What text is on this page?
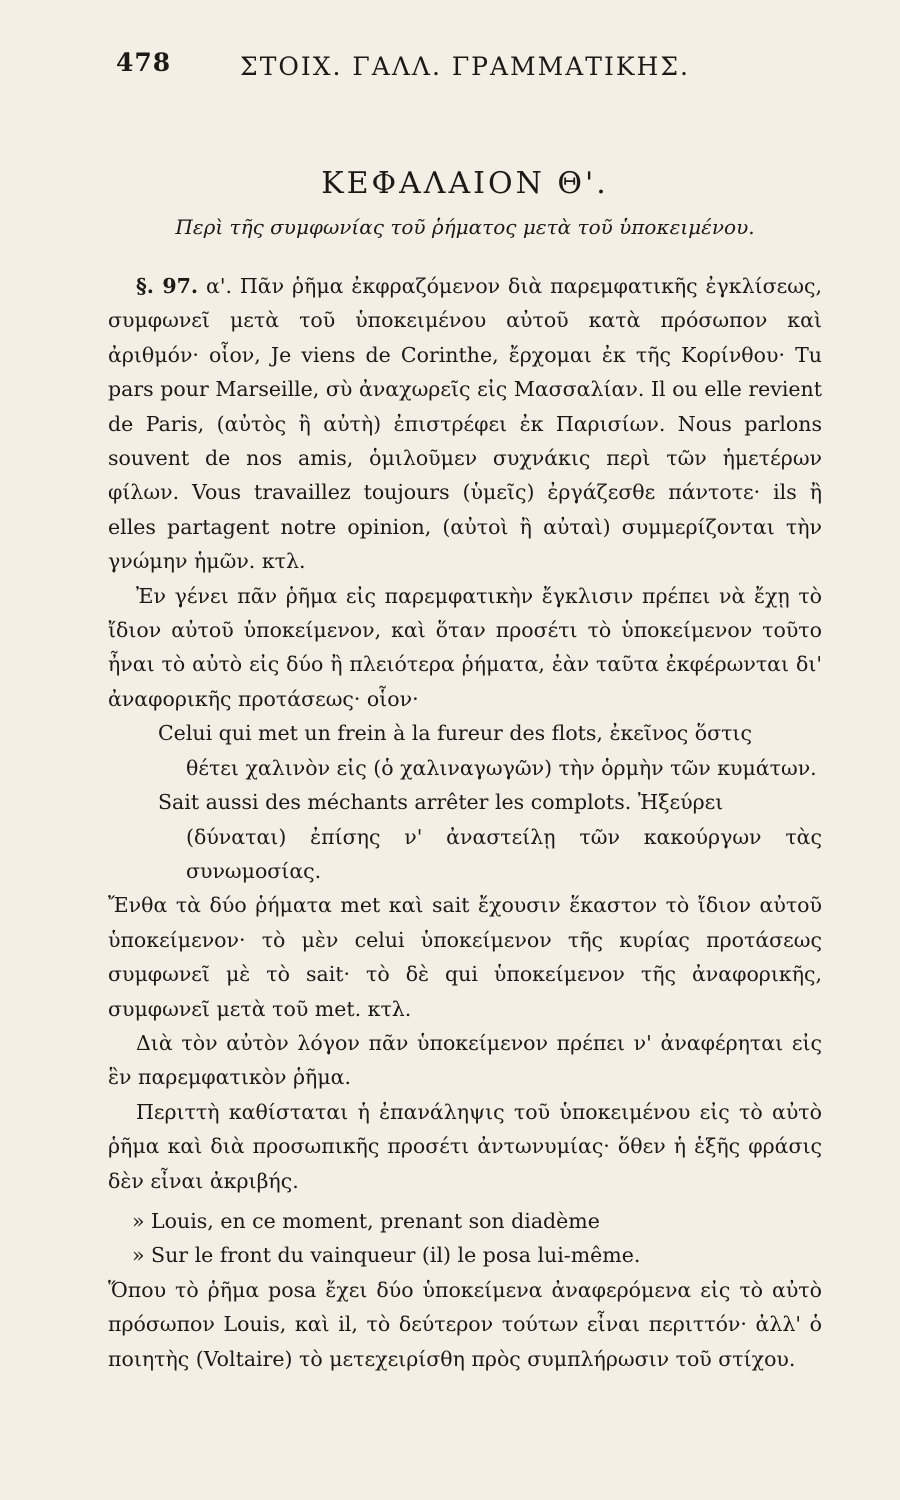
478	ΣΤΟΙΧ. ΓΑΛΛ. ΓΡΑΜΜΑΤΙΚΗΣ.
ΚΕΦΑΛΑΙΟΝ Θ'.
Περὶ τῆς συμφωνίας τοῦ ῥήματος μετὰ τοῦ ὑποκειμένου.

§. 97. α'. Πᾶν ῥῆμα ἐκφραζόμενον διὰ παρεμφατικῆς ἐγκλίσεως, συμφωνεῖ μετὰ τοῦ ὑποκειμένου αὐτοῦ κατὰ πρόσωπον καὶ ἀριθμόν· οἷον, Je viens de Corinthe, ἔρχομαι ἐκ τῆς Κορίνθου· Tu pars pour Marseille, σὺ ἀναχωρεῖς εἰς Μασσαλίαν. Il ou elle revient de Paris, (αὐτὸς ἢ αὐτὴ) ἐπιστρέφει ἐκ Παρισίων. Nous parlons souvent de nos amis, ὁμιλοῦμεν συχνάκις περὶ τῶν ἡμετέρων φίλων. Vous travaillez toujours (ὑμεῖς) ἐργάζεσθε πάντοτε· ils ἢ elles partagent notre opinion, (αὐτοὶ ἢ αὐταὶ) συμμερίζονται τὴν γνώμην ἡμῶν. κτλ.

Ἐν γένει πᾶν ῥῆμα εἰς παρεμφατικὴν ἔγκλισιν πρέπει νὰ ἔχῃ τὸ ἴδιον αὐτοῦ ὑποκείμενον, καὶ ὅταν προσέτι τὸ ὑποκείμενον τοῦτο ἦναι τὸ αὐτὸ εἰς δύο ἢ πλειότερα ῥήματα, ἐὰν ταῦτα ἐκφέρωνται δι' ἀναφορικῆς προτάσεως· οἷον·

Celui qui met un frein à la fureur des flots, ἐκεῖνος ὅστις

θέτει χαλινὸν εἰς (ὁ χαλιναγωγῶν) τὴν ὁρμὴν τῶν κυμάτων.

Sait aussi des méchants arrêter les complots. Ἠξεύρει

(δύναται) ἐπίσης ν' ἀναστείλῃ τῶν κακούργων τὰς συνωμοσίας.

Ἔνθα τὰ δύο ῥήματα met καὶ sait ἔχουσιν ἕκαστον τὸ ἴδιον αὐτοῦ ὑποκείμενον· τὸ μὲν celui ὑποκείμενον τῆς κυρίας προτάσεως συμφωνεῖ μὲ τὸ sait· τὸ δὲ qui ὑποκείμενον τῆς ἀναφορικῆς, συμφωνεῖ μετὰ τοῦ met. κτλ.

Διὰ τὸν αὐτὸν λόγον πᾶν ὑποκείμενον πρέπει ν' ἀναφέρηται εἰς ἓν παρεμφατικὸν ῥῆμα.

Περιττὴ καθίσταται ἡ ἐπανάληψις τοῦ ὑποκειμένου εἰς τὸ αὐτὸ ῥῆμα καὶ διὰ προσωπικῆς προσέτι ἀντωνυμίας· ὅθεν ἡ ἑξῆς φράσις δὲν εἶναι ἀκριβής.

» Louis, en ce moment, prenant son diadème

» Sur le front du vainqueur (il) le posa lui-même.

Ὅπου τὸ ῥῆμα posa ἔχει δύο ὑποκείμενα ἀναφερόμενα εἰς τὸ αὐτὸ πρόσωπον Louis, καὶ il, τὸ δεύτερον τούτων εἶναι περιττόν· ἀλλ' ὁ ποιητὴς (Voltaire) τὸ μετεχειρίσθη πρὸς συμπλήρωσιν τοῦ στίχου.
